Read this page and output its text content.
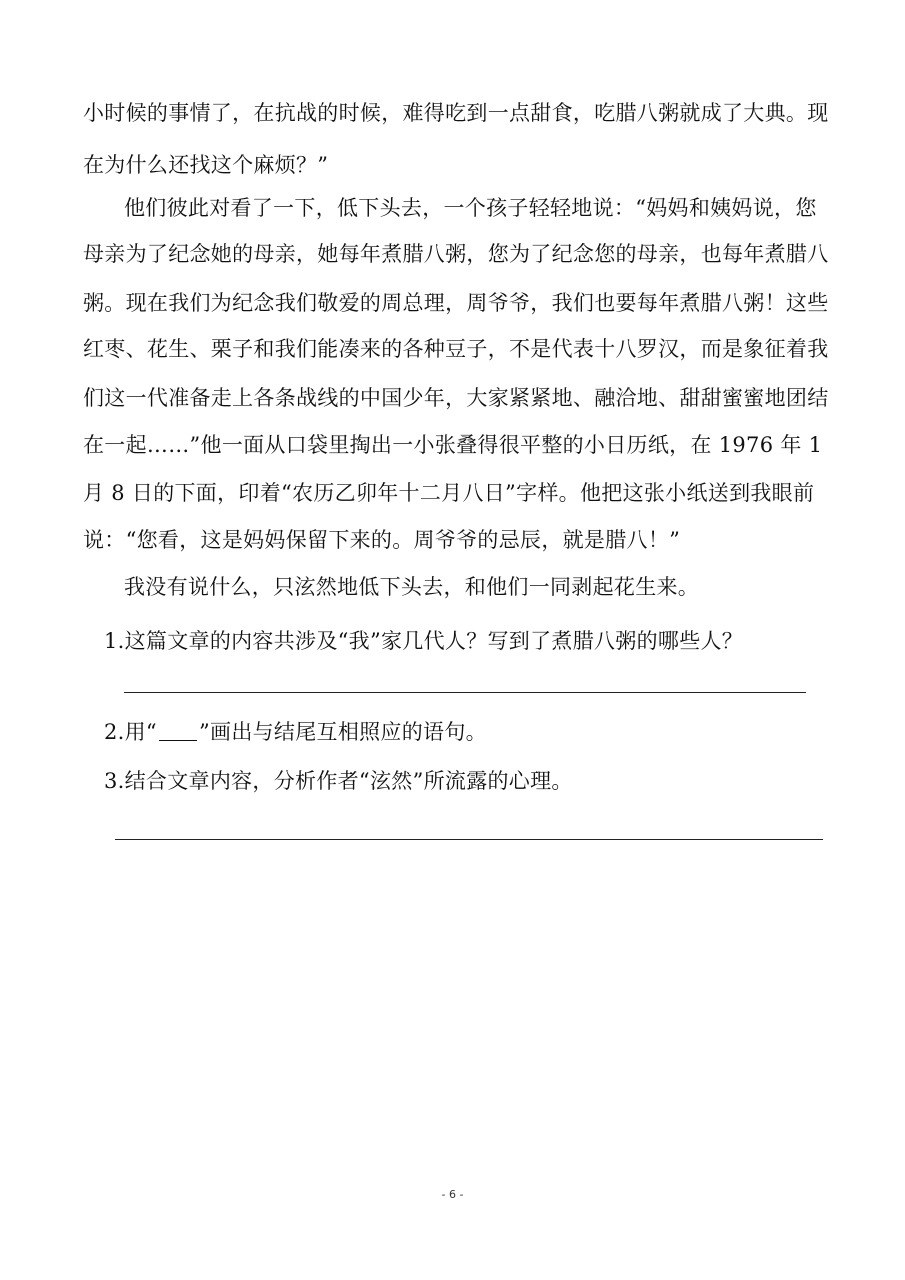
小时候的事情了，在抗战的时候，难得吃到一点甜食，吃腊八粥就成了大典。现
在为什么还找这个麻烦？”
他们彼此对看了一下，低下头去，一个孩子轻轻地说：“妈妈和姨妈说，您
母亲为了纪念她的母亲，她每年煮腊八粥，您为了纪念您的母亲，也每年煮腊八
粥。现在我们为纪念我们敬爱的周总理，周爷爷，我们也要每年煮腊八粥！这些
红枣、花生、栗子和我们能凑来的各种豆子，不是代表十八罗汉，而是象征着我
们这一代准备走上各条战线的中国少年，大家紧紧地、融洽地、甜甜蜜蜜地团结
在一起……”他一面从口袋里掏出一小张叠得很平整的小日历纸，在 1976 年 1
月 8 日的下面，印着“农历乙卯年十二月八日”字样。他把这张小纸送到我眼前
说：“您看，这是妈妈保留下来的。周爷爷的忌辰，就是腊八！”
我没有说什么，只泫然地低下头去，和他们一同剥起花生来。
1.这篇文章的内容共涉及“我”家几代人？写到了煮腊八粥的哪些人？
2.用“ ”画出与结尾互相照应的语句。
3.结合文章内容，分析作者“泫然”所流露的心理。
- 6 -
